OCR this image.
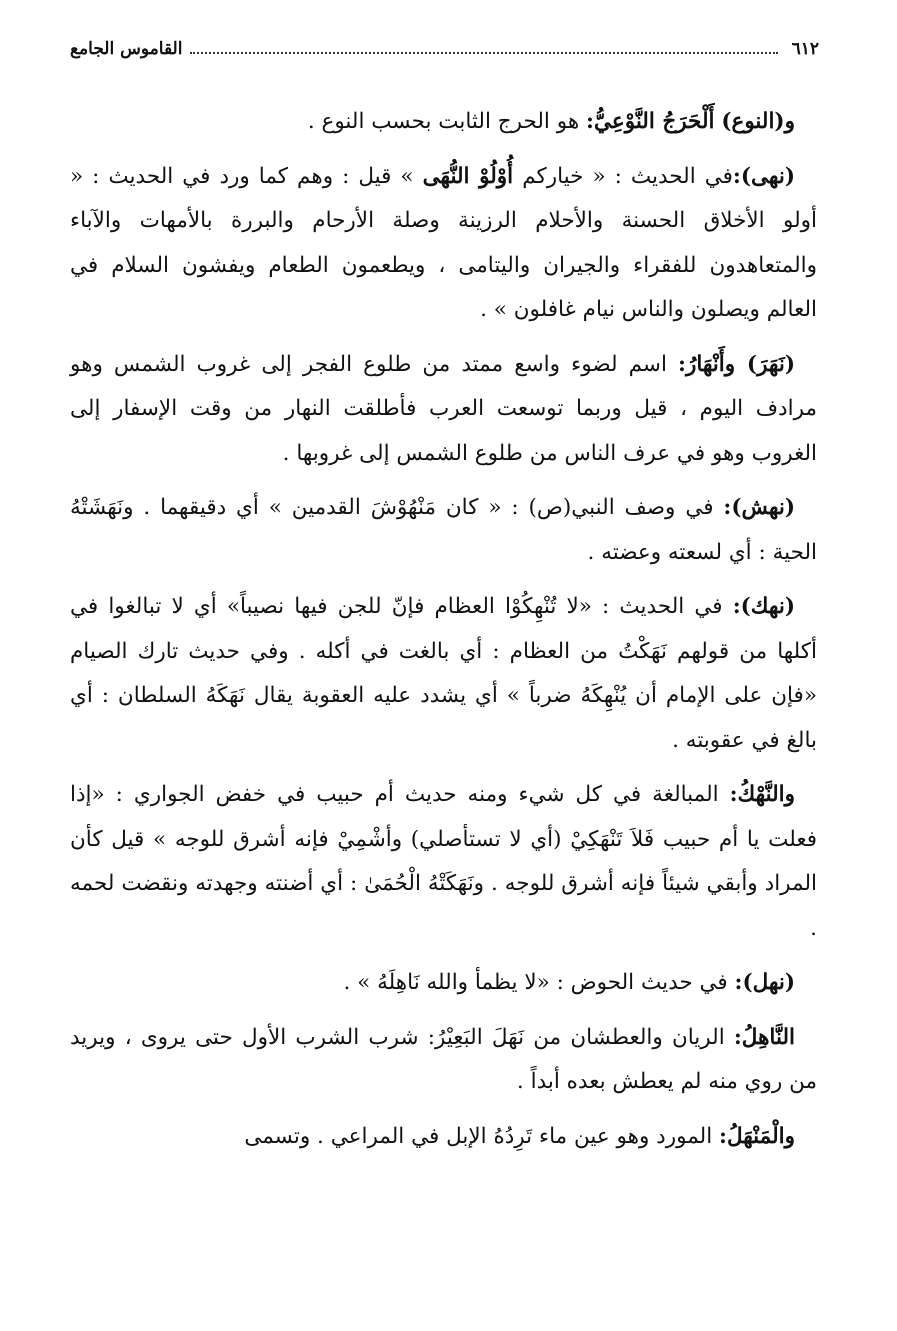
٦١٢
القاموس الجامع

و(النوع) أَلْحَرَجُ النَّوْعِيُّ: هو الحرج الثابت بحسب النوع .

(نهى):في الحديث : « خياركم أُوْلُوْ النُّهَى » قيل : وهم كما ورد في الحديث : « أولو الأخلاق الحسنة والأحلام الرزينة وصلة الأرحام والبررة بالأمهات والآباء والمتعاهدون للفقراء والجيران واليتامى ، ويطعمون الطعام ويفشون السلام في العالم ويصلون والناس نيام غافلون » .

(نَهَرَ) وأَنْهَارُ: اسم لضوء واسع ممتد من طلوع الفجر إلى غروب الشمس وهو مرادف اليوم ، قيل وربما توسعت العرب فأطلقت النهار من وقت الإسفار إلى الغروب وهو في عرف الناس من طلوع الشمس إلى غروبها .

(نهش): في وصف النبي(ص) : « كان مَنْهُوْشَ القدمين » أي دقيقهما . ونَهَشَتْهُ الحية : أي لسعته وعضته .

(نهك): في الحديث : «لا تُنْهِكُوْا العظام فإنّ للجن فيها نصيباً» أي لا تبالغوا في أكلها من قولهم نَهَكْتُ من العظام : أي بالغت في أكله . وفي حديث تارك الصيام «فإن على الإمام أن يُنْهِكَهُ ضرباً » أي يشدد عليه العقوبة يقال نَهَكَهُ السلطان : أي بالغ في عقوبته .

والنَّهْكُ: المبالغة في كل شيء ومنه حديث أم حبيب في خفض الجواري : «إذا فعلت يا أم حبيب فَلاَ تَنْهَكِيْ (أي لا تستأصلي) وأشْمِيْ فإنه أشرق للوجه » قيل كأن المراد وأبقي شيئاً فإنه أشرق للوجه . ونَهَكَتْهُ الْحُمَىٰ : أي أضنته وجهدته ونقضت لحمه .

(نهل): في حديث الحوض : «لا يظمأ والله نَاهِلَهُ » .

النَّاهِلُ: الريان والعطشان من نَهَلَ البَعِيْرُ: شرب الشرب الأول حتى يروى ، ويريد من روي منه لم يعطش بعده أبداً .

والْمَنْهَلُ: المورد وهو عين ماء تَرِدُهُ الإبل في المراعي . وتسمى
